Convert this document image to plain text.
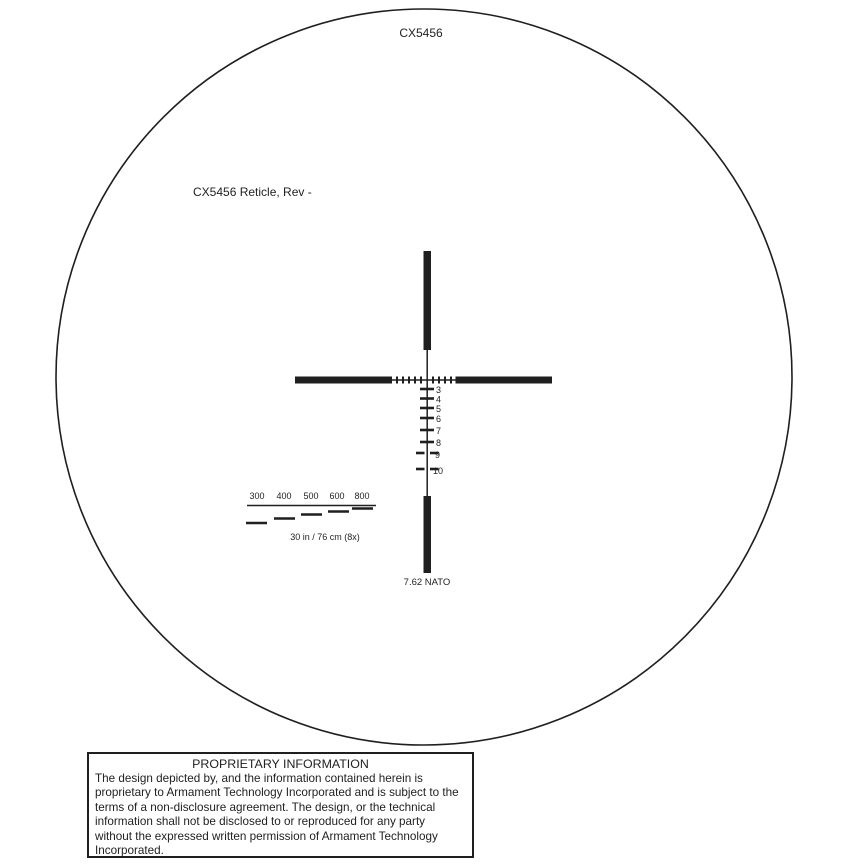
CX5456
CX5456 Reticle, Rev -
3
4
5
6
7
8
9
10
300 400 500 600 800
30 in / 76 cm (8x)
7.62 NATO
PROPRIETARY INFORMATION
The design depicted by, and the information contained herein is
proprietary to Armament Technology Incorporated and is subject to the
terms of a non-disclosure agreement. The design, or the technical
information shall not be disclosed to or reproduced for any party
without the expressed written permission of Armament Technology
Incorporated.
